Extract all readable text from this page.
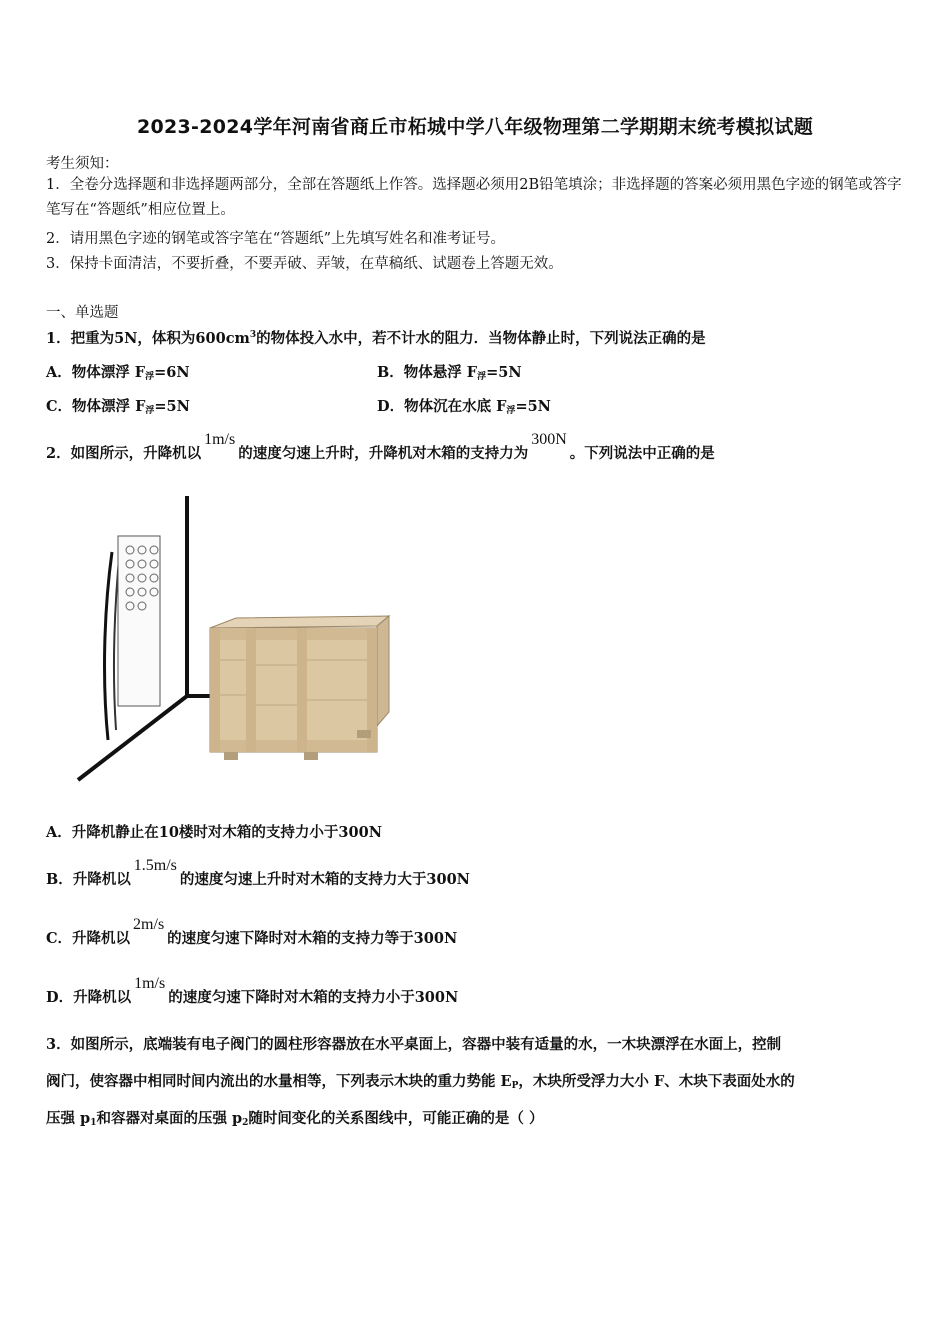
2023-2024学年河南省商丘市柘城中学八年级物理第二学期期末统考模拟试题
考生须知：
1．全卷分选择题和非选择题两部分，全部在答题纸上作答。选择题必须用2B铅笔填涂；非选择题的答案必须用黑色字迹的钢笔或答字笔写在“答题纸”相应位置上。
2．请用黑色字迹的钢笔或答字笔在“答题纸”上先填写姓名和准考证号。
3．保持卡面清洁，不要折叠，不要弄破、弄皱，在草稿纸、试题卷上答题无效。
一、单选题
1．把重为5N，体积为$600cm^3$的物体投入水中，若不计水的阻力．当物体静止时，下列说法正确的是
A．物体漂浮 $F_浮=6N$	B．物体悬浮 $F_浮=5N$
C．物体漂浮 $F_浮=5N$	D．物体沉在水底 $F_浮=5N$
2．如图所示，升降机以1m/s的速度匀速上升时，升降机对木箱的支持力为300N。下列说法中正确的是
A．升降机静止在10楼时对木箱的支持力小于300N
B．升降机以1.5m/s的速度匀速上升时对木箱的支持力大于300N
C．升降机以2m/s的速度匀速下降时对木箱的支持力等于300N
D．升降机以1m/s的速度匀速下降时对木箱的支持力小于300N
3．如图所示，底端装有电子阀门的圆柱形容器放在水平桌面上，容器中装有适量的水，一木块漂浮在水面上，控制
阀门，使容器中相同时间内流出的水量相等，下列表示木块的重力势能 $E_P$，木块所受浮力大小 F、木块下表面处水的
压强 $p_1$和容器对桌面的压强 $p_2$随时间变化的关系图线中，可能正确的是（ ）
